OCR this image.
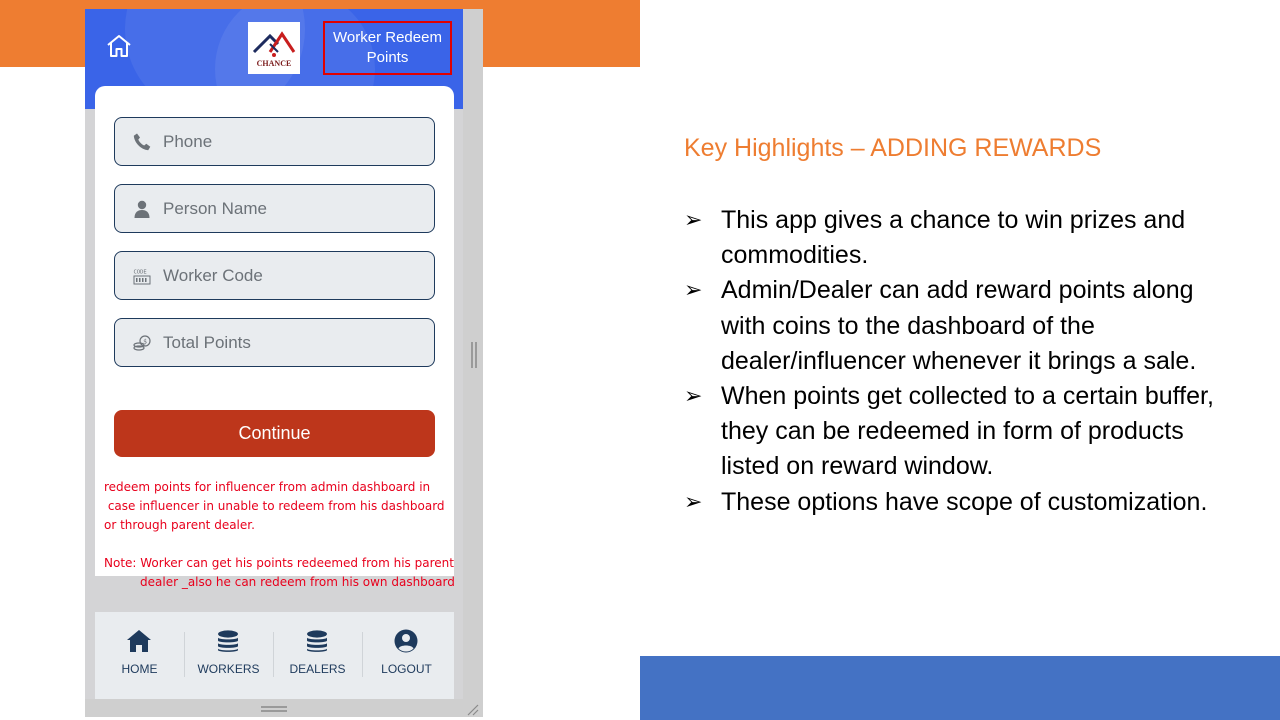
CHANCE
Worker Redeem Points
Phone
Person Name
CODE
Worker Code
$
Total Points
Continue
HOME	WORKERS	DEALERS	LOGOUT
redeem points for influencer from admin dashboard in
case influencer in unable to redeem from his dashboard
or through parent dealer.
Note: Worker can get his points redeemed from his parent
dealer _also he can redeem from his own dashboard
Key Highlights – ADDING REWARDS
➢ This app gives a chance to win prizes and commodities.
➢ Admin/Dealer can add reward points along with coins to the dashboard of the dealer/influencer whenever it brings a sale.
➢ When points get collected to a certain buffer, they can be redeemed in form of products listed on reward window.
➢ These options have scope of customization.
